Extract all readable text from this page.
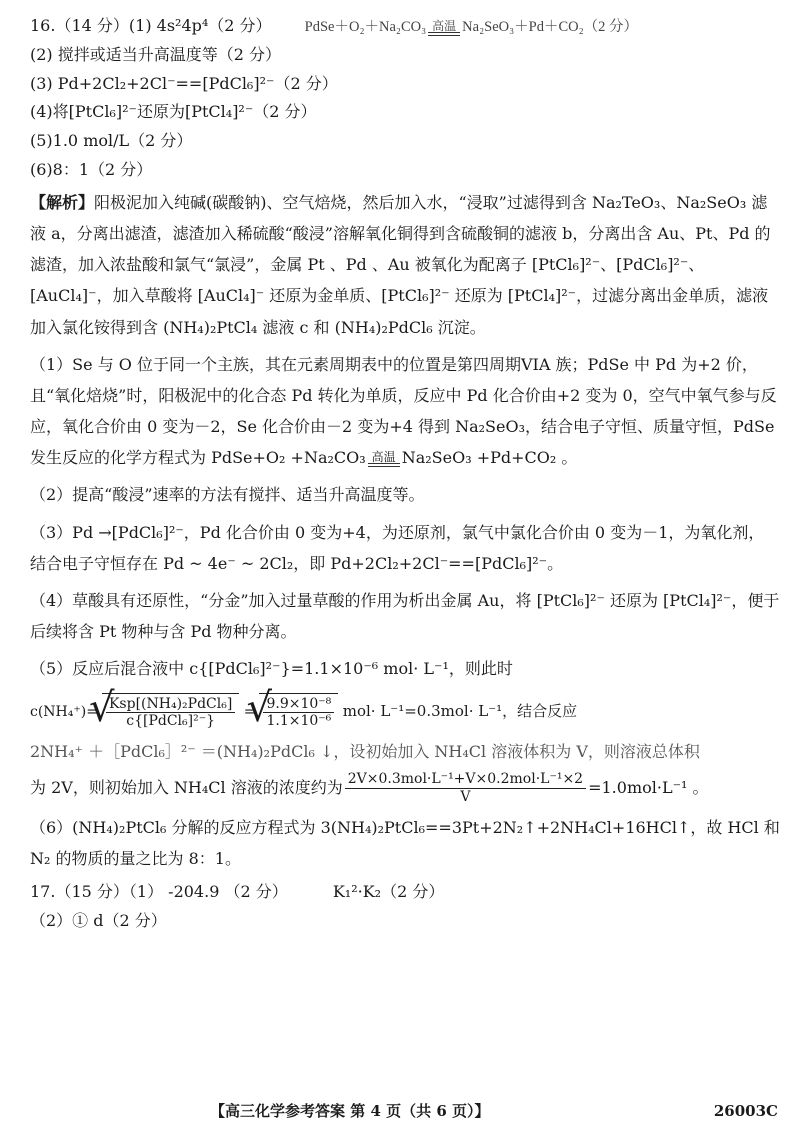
16.（14 分）(1) 4s²4p⁴（2 分） PdSe＋O₂＋Na₂CO₃ 高温 Na₂SeO₃＋Pd＋CO₂（2 分）
(2) 搅拌或适当升高温度等（2 分）
(3) Pd+2Cl₂+2Cl⁻==[PdCl₆]²⁻（2 分）
(4)将[PtCl₆]²⁻还原为[PtCl₄]²⁻（2 分）
(5)1.0 mol/L（2 分）
(6)8：1（2 分）
【解析】阳极泥加入纯碱(碳酸钠)、空气焙烧，然后加入水，“浸取”过滤得到含 Na₂TeO₃、Na₂SeO₃ 滤液 a，分离出滤渣，滤渣加入稀硫酸“酸浸”溶解氧化铜得到含硫酸铜的滤液 b，分离出含 Au、Pt、Pd 的滤渣，加入浓盐酸和氯气“氯浸”，金属 Pt 、Pd 、Au 被氧化为配离子 [PtCl₆]²⁻、[PdCl₆]²⁻、[AuCl₄]⁻，加入草酸将 [AuCl₄]⁻ 还原为金单质、[PtCl₆]²⁻ 还原为 [PtCl₄]²⁻，过滤分离出金单质，滤液加入氯化铵得到含 (NH₄)₂PtCl₄ 滤液 c 和 (NH₄)₂PdCl₆ 沉淀。
（1）Se 与 O 位于同一个主族，其在元素周期表中的位置是第四周期VIA 族；PdSe 中 Pd 为+2 价，且“氧化焙烧”时，阳极泥中的化合态 Pd 转化为单质，反应中 Pd 化合价由+2 变为 0，空气中氧气参与反应，氧化合价由 0 变为－2，Se 化合价由－2 变为+4 得到 Na₂SeO₃，结合电子守恒、质量守恒，PdSe 发生反应的化学方程式为 PdSe+O₂ +Na₂CO₃ 高温 Na₂SeO₃ +Pd+CO₂ 。
（2）提高“酸浸”速率的方法有搅拌、适当升高温度等。
（3）Pd →[PdCl₆]²⁻，Pd 化合价由 0 变为+4，为还原剂，氯气中氯化合价由 0 变为－1，为氧化剂，结合电子守恒存在 Pd ~ 4e⁻ ~ 2Cl₂，即 Pd+2Cl₂+2Cl⁻==[PdCl₆]²⁻。
（4）草酸具有还原性，“分金”加入过量草酸的作用为析出金属 Au，将 [PtCl₆]²⁻ 还原为 [PtCl₄]²⁻，便于后续将含 Pt 物种与含 Pd 物种分离。
（5）反应后混合液中 c{[PdCl₆]²⁻}=1.1×10⁻⁶ mol· L⁻¹，则此时
c(NH₄⁺)= √ $\frac{\text{Ksp[(NH₄)₂PdCl₆]}}{\text{c\{[PdCl₆]²⁻\}}}$ = √ $\frac{\text{9.9×10⁻⁸}}{\text{1.1×10⁻⁶}} mol\cdot L^{-1}=0.3mol\cdot L^{-1}$，结合反应
2NH₄⁺ ＋［PdCl₆］²⁻ ＝(NH₄)₂PdCl₆ ↓，设初始加入 NH₄Cl 溶液体积为 V，则溶液总体积
为 2V，则初始加入 NH₄Cl 溶液的浓度约为 $\frac{\text{2V×0.3mol·L⁻¹+V×0.2mol·L⁻¹×2}}{V} =1.0mol\cdot L^{-1}$ 。
（6）(NH₄)₂PtCl₆ 分解的反应方程式为 3(NH₄)₂PtCl₆==3Pt+2N₂↑+2NH₄Cl+16HCl↑，故 HCl 和 N₂ 的物质的量之比为 8：1。
17.（15 分）（1） -204.9 （2 分）	K₁²·K₂（2 分）
（2）① d（2 分）
【高三化学参考答案 第 4 页（共 6 页）】	26003C
